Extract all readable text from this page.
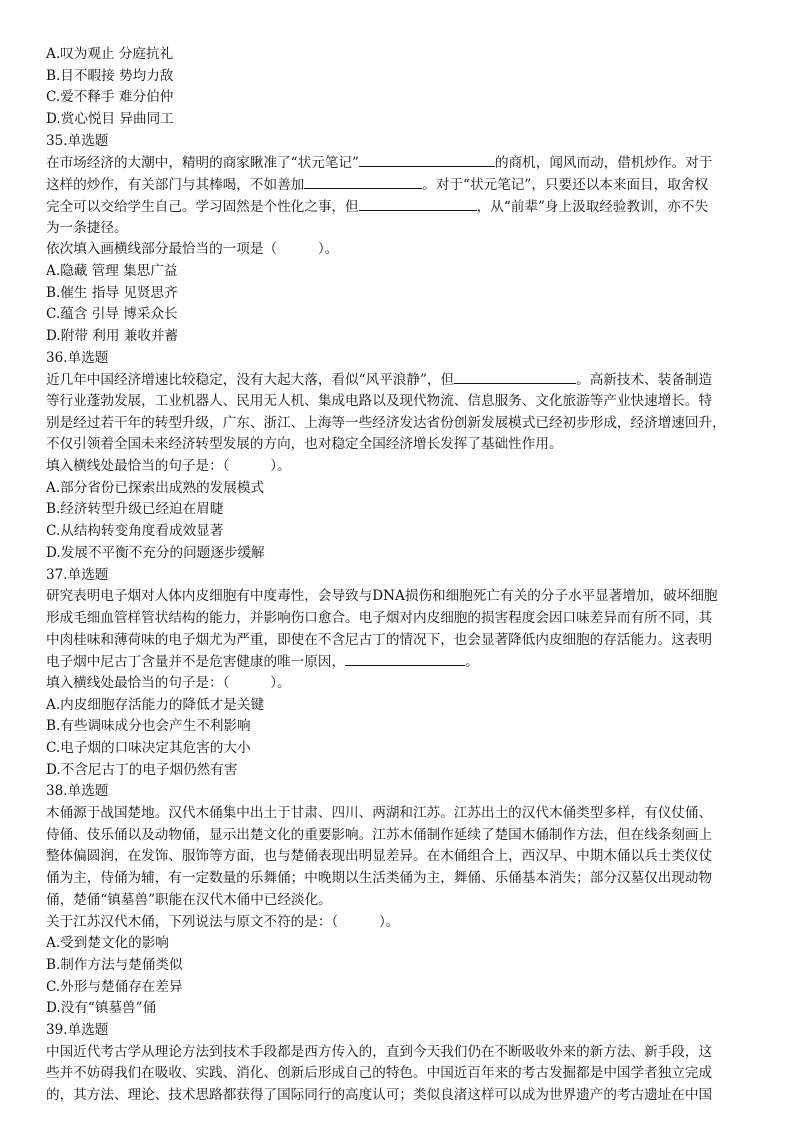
A.叹为观止 分庭抗礼
B.目不暇接 势均力敌
C.爱不释手 难分伯仲
D.赏心悦目 异曲同工
35.单选题
在市场经济的大潮中，精明的商家瞅准了“状元笔记”	的商机，闻风而动，借机炒作。对于
这样的炒作，有关部门与其棒喝，不如善加	。对于“状元笔记”，只要还以本来面目，取舍权
完全可以交给学生自己。学习固然是个性化之事，但	，从“前辈”身上汲取经验教训，亦不失
为一条捷径。
依次填入画横线部分最恰当的一项是（　　　）。
A.隐藏 管理 集思广益
B.催生 指导 见贤思齐
C.蕴含 引导 博采众长
D.附带 利用 兼收并蓄
36.单选题
近几年中国经济增速比较稳定，没有大起大落，看似“风平浪静”，但	。高新技术、装备制造
等行业蓬勃发展，工业机器人、民用无人机、集成电路以及现代物流、信息服务、文化旅游等产业快速增长。特
别是经过若干年的转型升级，广东、浙江、上海等一些经济发达省份创新发展模式已经初步形成，经济增速回升，
不仅引领着全国未来经济转型发展的方向，也对稳定全国经济增长发挥了基础性作用。
填入横线处最恰当的句子是：（　　　）。
A.部分省份已探索出成熟的发展模式
B.经济转型升级已经迫在眉睫
C.从结构转变角度看成效显著
D.发展不平衡不充分的问题逐步缓解
37.单选题
研究表明电子烟对人体内皮细胞有中度毒性，会导致与DNA损伤和细胞死亡有关的分子水平显著增加，破坏细胞
形成毛细血管样管状结构的能力，并影响伤口愈合。电子烟对内皮细胞的损害程度会因口味差异而有所不同，其
中肉桂味和薄荷味的电子烟尤为严重，即使在不含尼古丁的情况下，也会显著降低内皮细胞的存活能力。这表明
电子烟中尼古丁含量并不是危害健康的唯一原因，	。
填入横线处最恰当的句子是：（　　　）。
A.内皮细胞存活能力的降低才是关键
B.有些调味成分也会产生不利影响
C.电子烟的口味决定其危害的大小
D.不含尼古丁的电子烟仍然有害
38.单选题
木俑源于战国楚地。汉代木俑集中出土于甘肃、四川、两湖和江苏。江苏出土的汉代木俑类型多样，有仪仗俑、
侍俑、伎乐俑以及动物俑，显示出楚文化的重要影响。江苏木俑制作延续了楚国木俑制作方法，但在线条刻画上
整体偏圆润，在发饰、服饰等方面，也与楚俑表现出明显差异。在木俑组合上，西汉早、中期木俑以兵士类仪仗
俑为主，侍俑为辅，有一定数量的乐舞俑；中晚期以生活类俑为主，舞俑、乐俑基本消失；部分汉墓仅出现动物
俑，楚俑“镇墓兽”职能在汉代木俑中已经淡化。
关于江苏汉代木俑，下列说法与原文不符的是：（　　　）。
A.受到楚文化的影响
B.制作方法与楚俑类似
C.外形与楚俑存在差异
D.没有“镇墓兽”俑
39.单选题
中国近代考古学从理论方法到技术手段都是西方传入的，直到今天我们仍在不断吸收外来的新方法、新手段，这
些并不妨碍我们在吸收、实践、消化、创新后形成自己的特色。中国近百年来的考古发掘都是中国学者独立完成
的，其方法、理论、技术思路都获得了国际同行的高度认可；类似良渚这样可以成为世界遗产的考古遗址在中国
